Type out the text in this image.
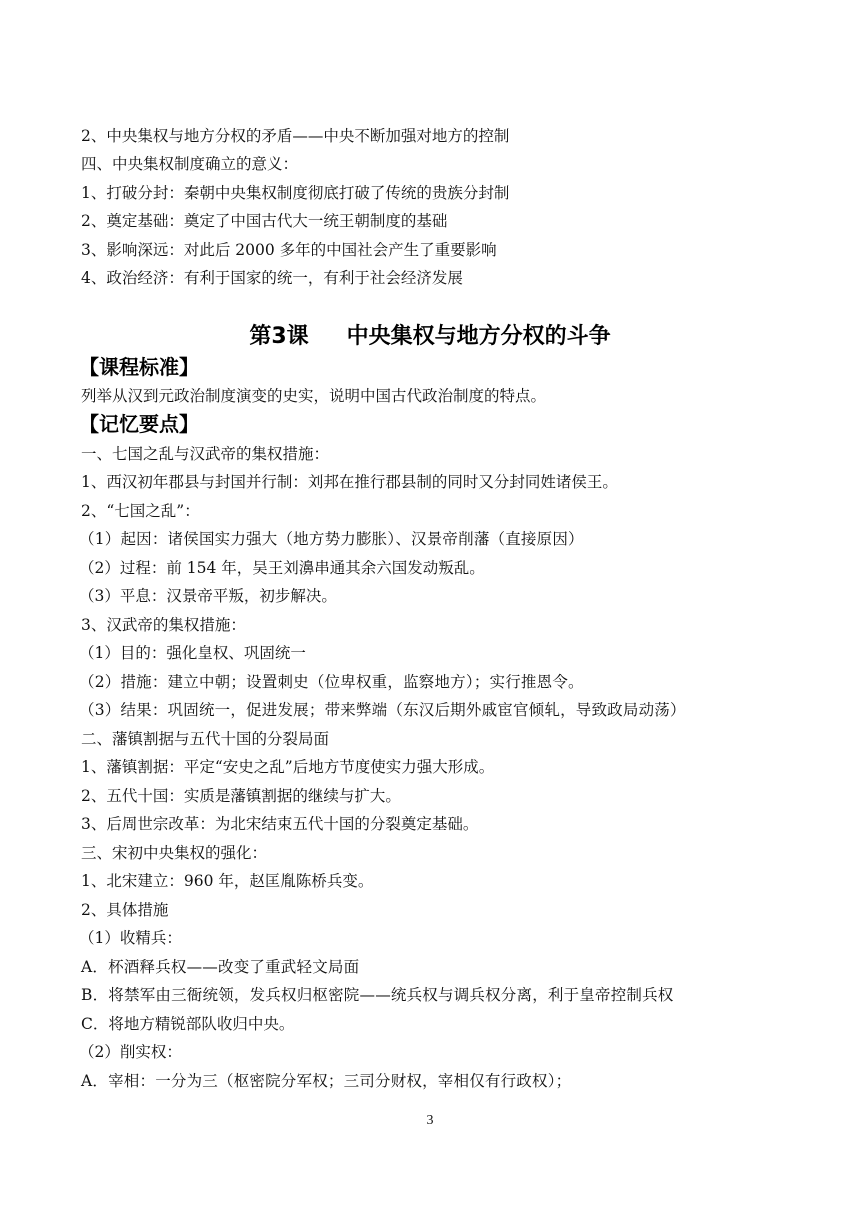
2、中央集权与地方分权的矛盾——中央不断加强对地方的控制
四、中央集权制度确立的意义：
1、打破分封：秦朝中央集权制度彻底打破了传统的贵族分封制
2、奠定基础：奠定了中国古代大一统王朝制度的基础
3、影响深远：对此后 2000 多年的中国社会产生了重要影响
4、政治经济：有利于国家的统一，有利于社会经济发展
第3课 中央集权与地方分权的斗争
【课程标准】
列举从汉到元政治制度演变的史实，说明中国古代政治制度的特点。
【记忆要点】
一、七国之乱与汉武帝的集权措施：
1、西汉初年郡县与封国并行制：刘邦在推行郡县制的同时又分封同姓诸侯王。
2、“七国之乱”：
（1）起因：诸侯国实力强大（地方势力膨胀）、汉景帝削藩（直接原因）
（2）过程：前 154 年，吴王刘濞串通其余六国发动叛乱。
（3）平息：汉景帝平叛，初步解决。
3、汉武帝的集权措施：
（1）目的：强化皇权、巩固统一
（2）措施：建立中朝；设置刺史（位卑权重，监察地方）；实行推恩令。
（3）结果：巩固统一，促进发展；带来弊端（东汉后期外戚宦官倾轧，导致政局动荡）
二、藩镇割据与五代十国的分裂局面
1、藩镇割据：平定“安史之乱”后地方节度使实力强大形成。
2、五代十国：实质是藩镇割据的继续与扩大。
3、后周世宗改革：为北宋结束五代十国的分裂奠定基础。
三、宋初中央集权的强化：
1、北宋建立：960 年，赵匡胤陈桥兵变。
2、具体措施
（1）收精兵：
A．杯酒释兵权——改变了重武轻文局面
B．将禁军由三衙统领，发兵权归枢密院——统兵权与调兵权分离，利于皇帝控制兵权
C．将地方精锐部队收归中央。
（2）削实权：
A．宰相：一分为三（枢密院分军权；三司分财权，宰相仅有行政权）；
3
